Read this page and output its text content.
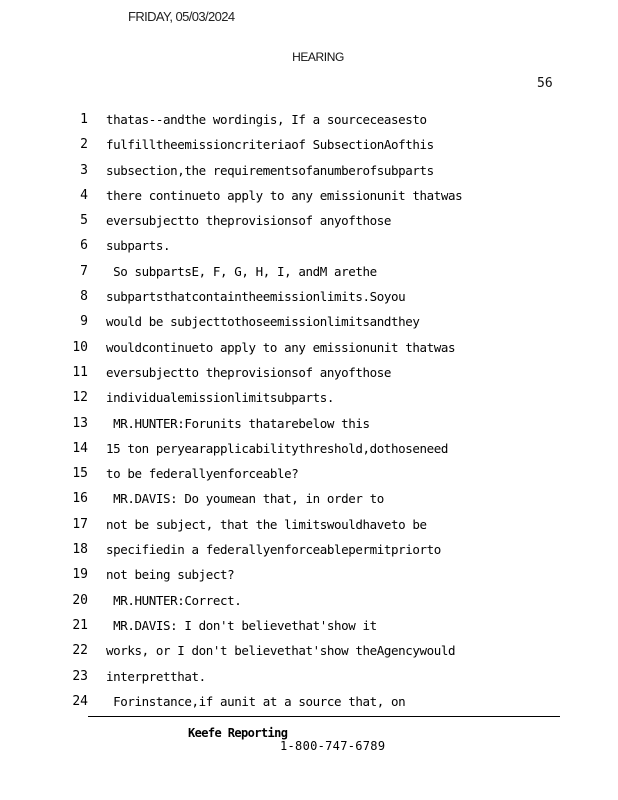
FRIDAY, 05/03/2024
HEARING
56
1 thatas--andthe wordingis, If a sourceceasesto
2 fulfilltheemissioncriteriaof SubsectionAofthis
3 subsection,the requirementsofanumberofsubparts
4 there continueto apply to any emissionunit thatwas
5 eversubjectto theprovisionsof anyofthose
6 subparts.
7 So subpartsE, F, G, H, I, andM arethe
8 subpartsthatcontaintheemissionlimits.Soyou
9 would be subjecttothoseemissionlimitsandthey
10 wouldcontinueto apply to any emissionunit thatwas
11 eversubjectto theprovisionsof anyofthose
12 individualemissionlimitsubparts.
13 MR.HUNTER:Forunits thatarebelow this
14 15 ton peryearapplicabilitythreshold,dothoseneed
15 to be federallyenforceable?
16 MR.DAVIS: Do youmean that, in order to
17 not be subject, that the limitswouldhaveto be
18 specifiedin a federallyenforceablepermitpriorto
19 not being subject?
20 MR.HUNTER:Correct.
21 MR.DAVIS: I don't believethat'show it
22 works, or I don't believethat'show theAgencywould
23 interpretthat.
24 Forinstance,if aunit at a source that, on
Keefe Reporting
1-800-747-6789
